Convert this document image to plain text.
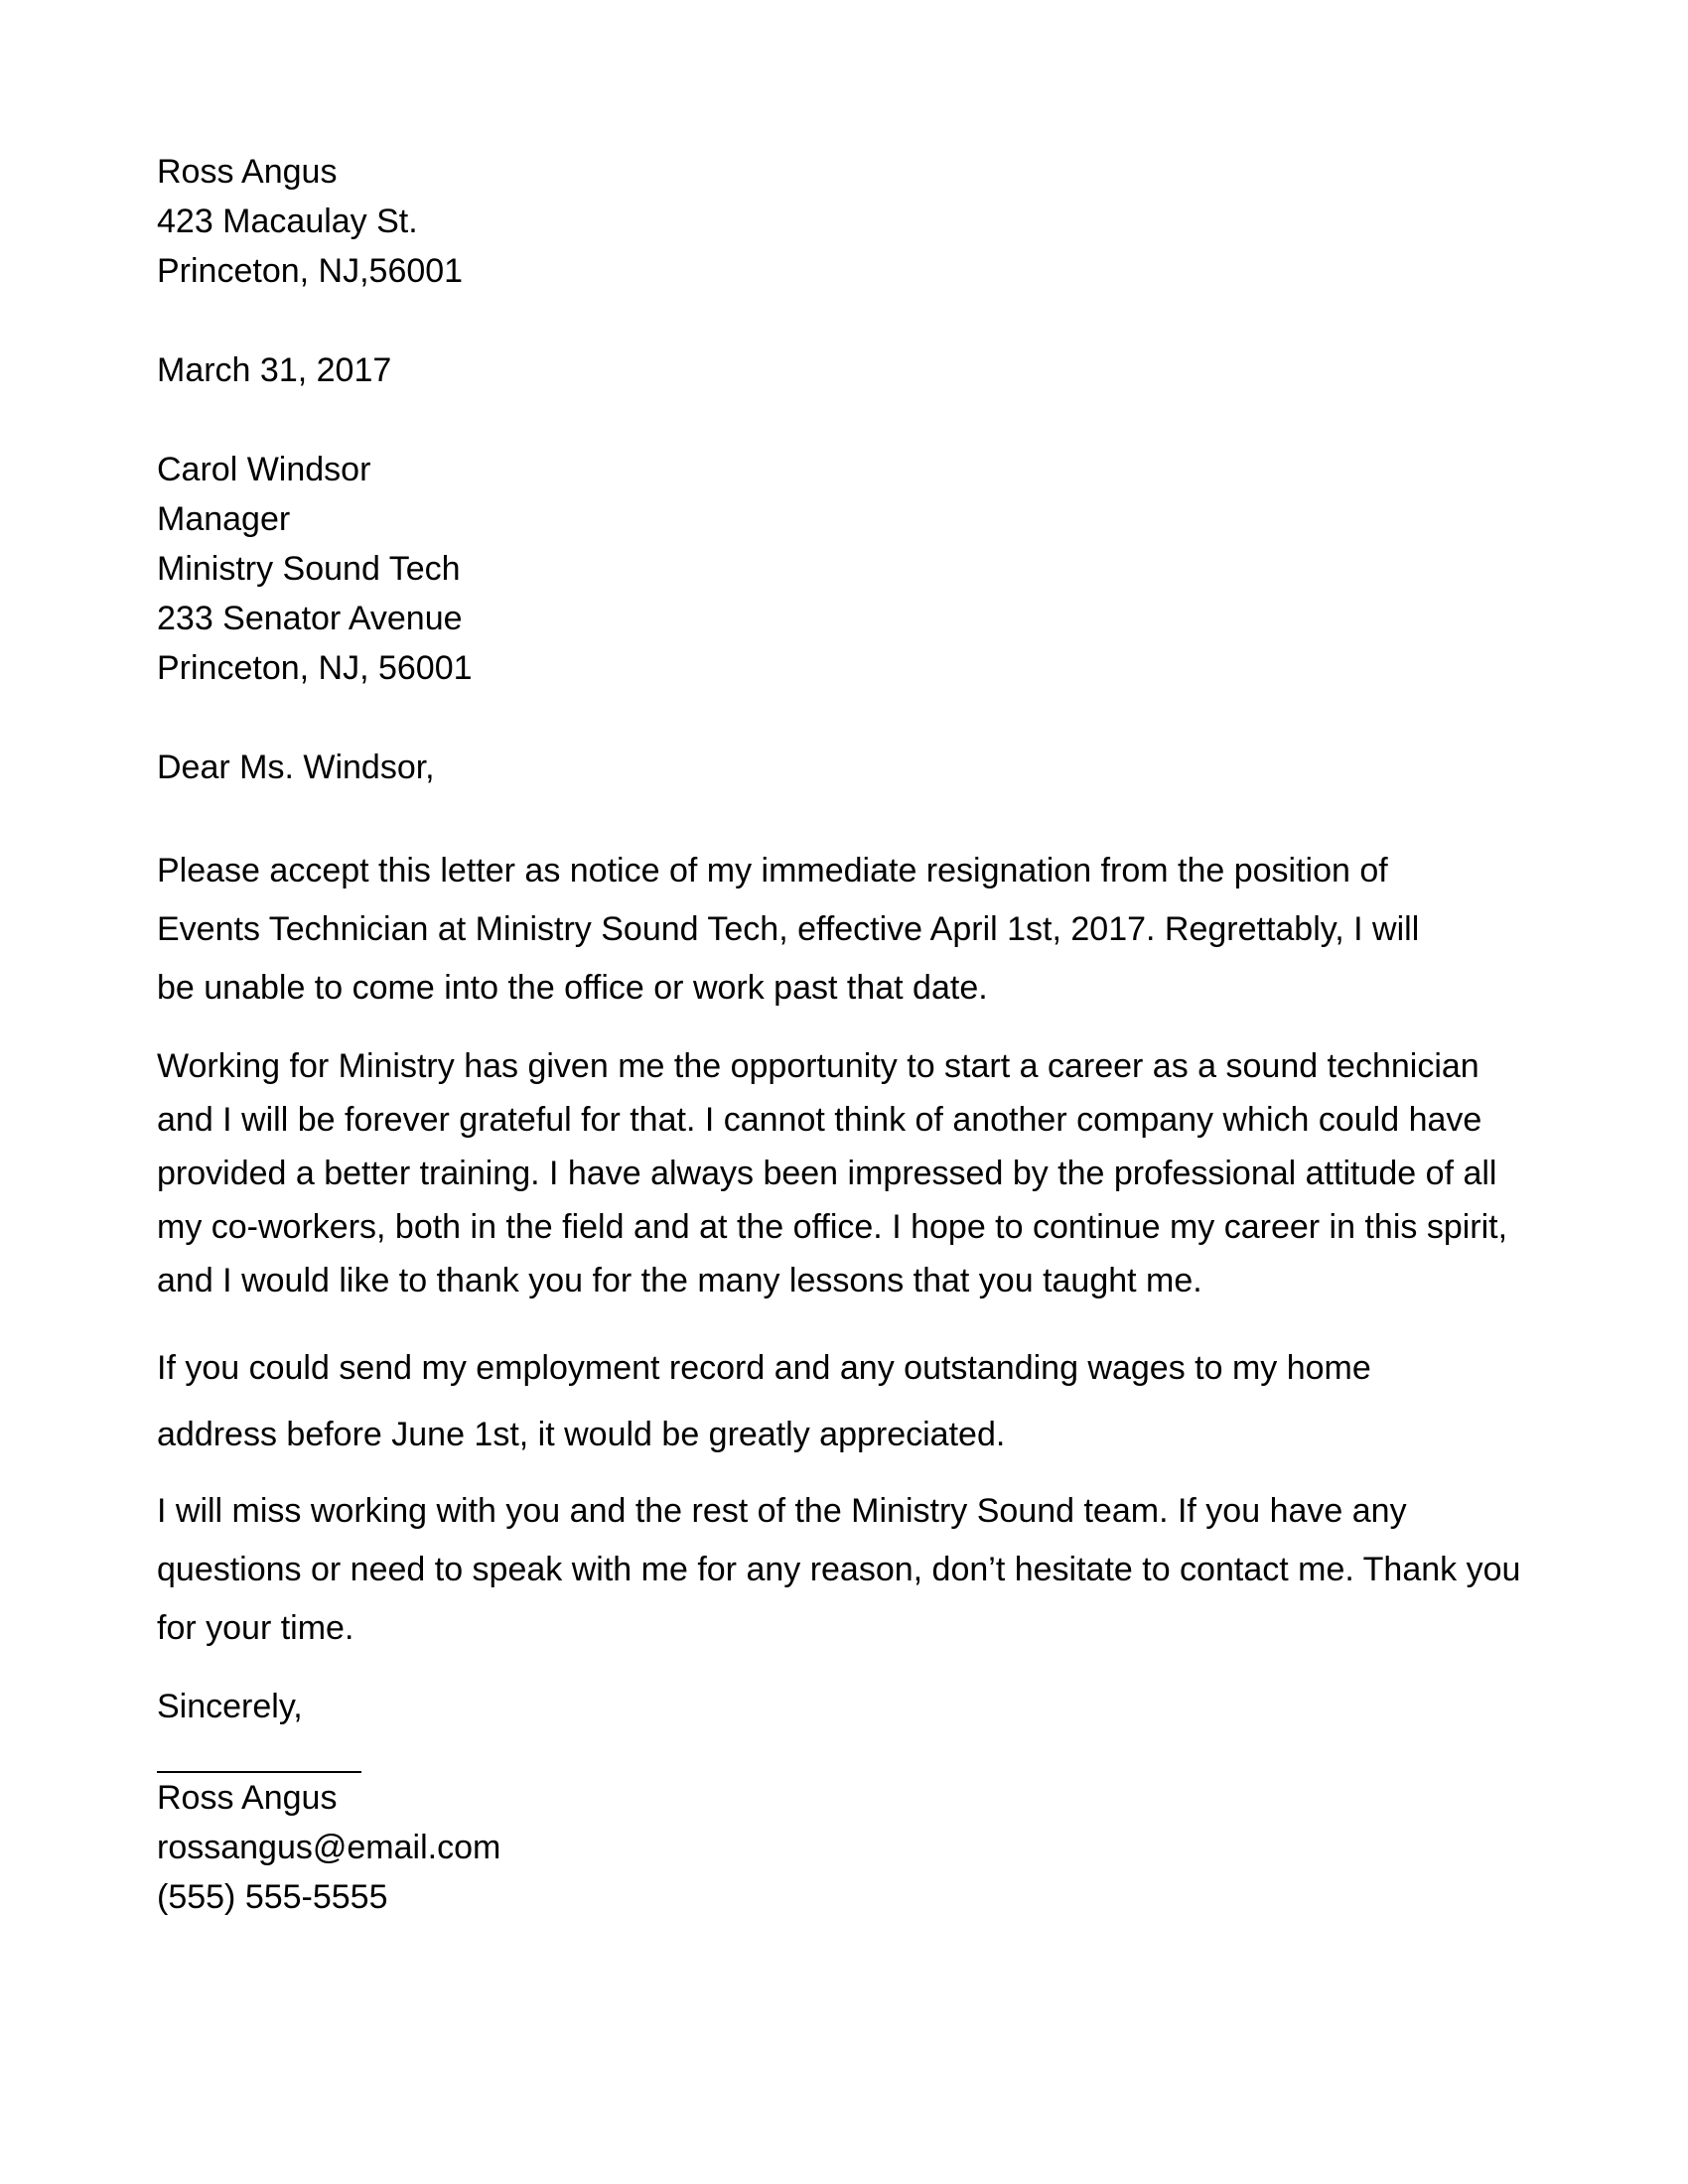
Ross Angus
423 Macaulay St.
Princeton, NJ,56001
March 31, 2017
Carol Windsor
Manager
Ministry Sound Tech
233 Senator Avenue
Princeton, NJ, 56001
Dear Ms. Windsor,
Please accept this letter as notice of my immediate resignation from the position of
Events Technician at Ministry Sound Tech, effective April 1st, 2017. Regrettably, I will
be unable to come into the office or work past that date.
Working for Ministry has given me the opportunity to start a career as a sound technician
and I will be forever grateful for that. I cannot think of another company which could have
provided a better training. I have always been impressed by the professional attitude of all
my co-workers, both in the field and at the office. I hope to continue my career in this spirit,
and I would like to thank you for the many lessons that you taught me.
If you could send my employment record and any outstanding wages to my home
address before June 1st, it would be greatly appreciated.
I will miss working with you and the rest of the Ministry Sound team. If you have any
questions or need to speak with me for any reason, don’t hesitate to contact me. Thank you
for your time.
Sincerely,
Ross Angus
rossangus@email.com
(555) 555-5555
